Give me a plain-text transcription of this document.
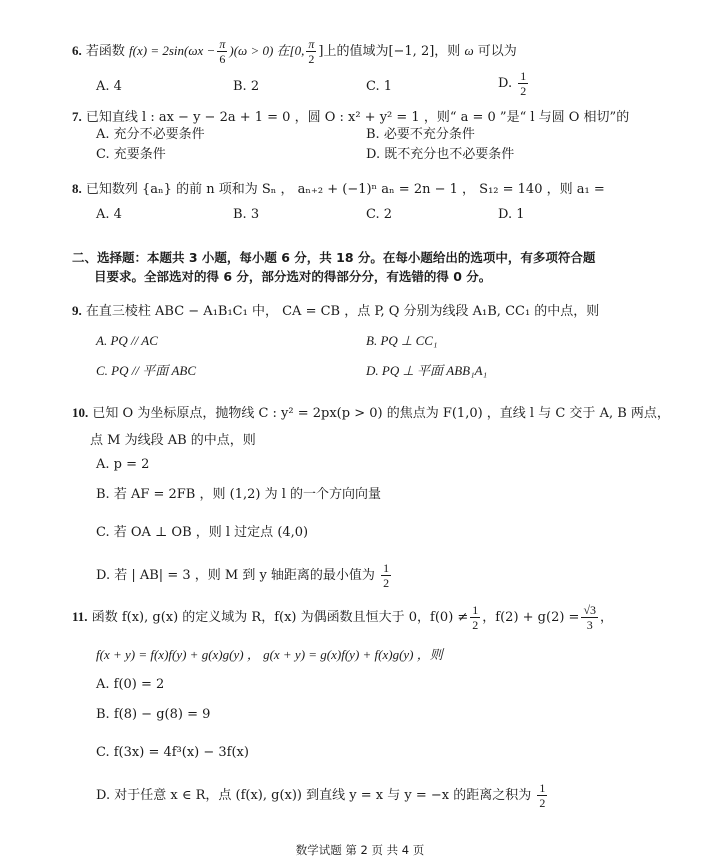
6. 若函数 $f(x) = 2\sin(\omega x - \frac{\pi}{6} )(\omega > 0)$ 在[0, $\frac{\pi}{2}$ ]上的值域为[−1, 2]，则 ω 可以为
A. 4	B. 2	C. 1	D. $\frac{1}{2}$
7. 已知直线 l : ax − y − 2a + 1 = 0 ，圆 O : x² + y² = 1 ，则“ a = 0 ”是“ l 与圆 O 相切”的
A. 充分不必要条件	B. 必要不充分条件
C. 充要条件	D. 既不充分也不必要条件
8. 已知数列 {aₙ} 的前 n 项和为 Sₙ ， aₙ₊₂ + (−1)ⁿ aₙ = 2n − 1 ， S₁₂ = 140 ，则 a₁ =
A. 4	B. 3	C. 2	D. 1
二、选择题：本题共 3 小题，每小题 6 分，共 18 分。在每小题给出的选项中，有多项符合题
目要求。全部选对的得 6 分，部分选对的得部分分，有选错的得 0 分。
9. 在直三棱柱 ABC − A₁B₁C₁ 中， CA = CB ，点 P, Q 分别为线段 A₁B, CC₁ 的中点，则
A. PQ // AC	B. PQ ⊥ CC₁
C. PQ // 平面 ABC	D. PQ ⊥ 平面 ABB₁A₁
10. 已知 O 为坐标原点，抛物线 C : y² = 2px(p > 0) 的焦点为 F(1,0) ，直线 l 与 C 交于 A, B 两点，
点 M 为线段 AB 的中点，则
A. p = 2
B. 若 AF = 2FB ，则 (1,2) 为 l 的一个方向向量
C. 若 OA ⊥ OB ，则 l 过定点 (4,0)
D. 若 | AB| = 3 ，则 M 到 y 轴距离的最小值为 $\frac{1}{2}$
11. 函数 f(x), g(x) 的定义域为 R，f(x) 为偶函数且恒大于 0，$f(0) \ne \frac{1}{2}$ ，$f(2) + g(2) = \frac{√3}{3}$ ，
f(x + y) = f(x)f(y) + g(x)g(y) ， g(x + y) = g(x)f(y) + f(x)g(y) ，则
A. f(0) = 2
B. f(8) − g(8) = 9
C. f(3x) = 4f³(x) − 3f(x)
D. 对于任意 x ∈ R，点 (f(x), g(x)) 到直线 y = x 与 y = −x 的距离之积为 $\frac{1}{2}$
数学试题 第 2 页 共 4 页
